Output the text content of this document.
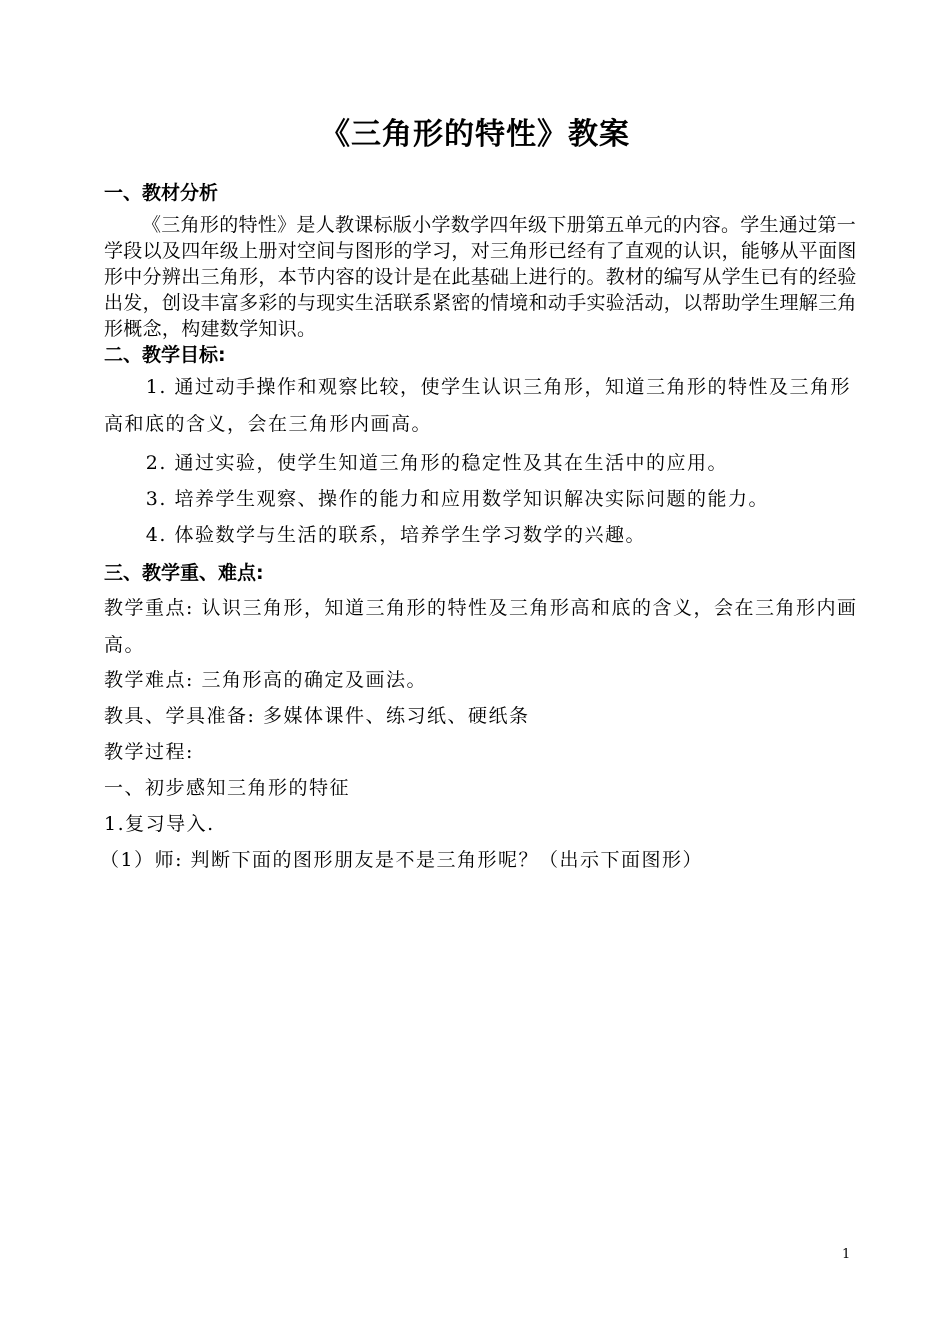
《三角形的特性》教案
一、教材分析
《三角形的特性》是人教课标版小学数学四年级下册第五单元的内容。学生通过第一学段以及四年级上册对空间与图形的学习，对三角形已经有了直观的认识，能够从平面图形中分辨出三角形，本节内容的设计是在此基础上进行的。教材的编写从学生已有的经验出发，创设丰富多彩的与现实生活联系紧密的情境和动手实验活动，以帮助学生理解三角形概念，构建数学知识。
二、教学目标:
1. 通过动手操作和观察比较，使学生认识三角形，知道三角形的特性及三角形高和底的含义，会在三角形内画高。
2. 通过实验，使学生知道三角形的稳定性及其在生活中的应用。
3. 培养学生观察、操作的能力和应用数学知识解决实际问题的能力。
4. 体验数学与生活的联系，培养学生学习数学的兴趣。
三、教学重、难点:
教学重点: 认识三角形，知道三角形的特性及三角形高和底的含义，会在三角形内画高。
教学难点: 三角形高的确定及画法。
教具、学具准备: 多媒体课件、练习纸、硬纸条
教学过程:
一、初步感知三角形的特征
1.复习导入.
（1）师: 判断下面的图形朋友是不是三角形呢？（出示下面图形）
1
